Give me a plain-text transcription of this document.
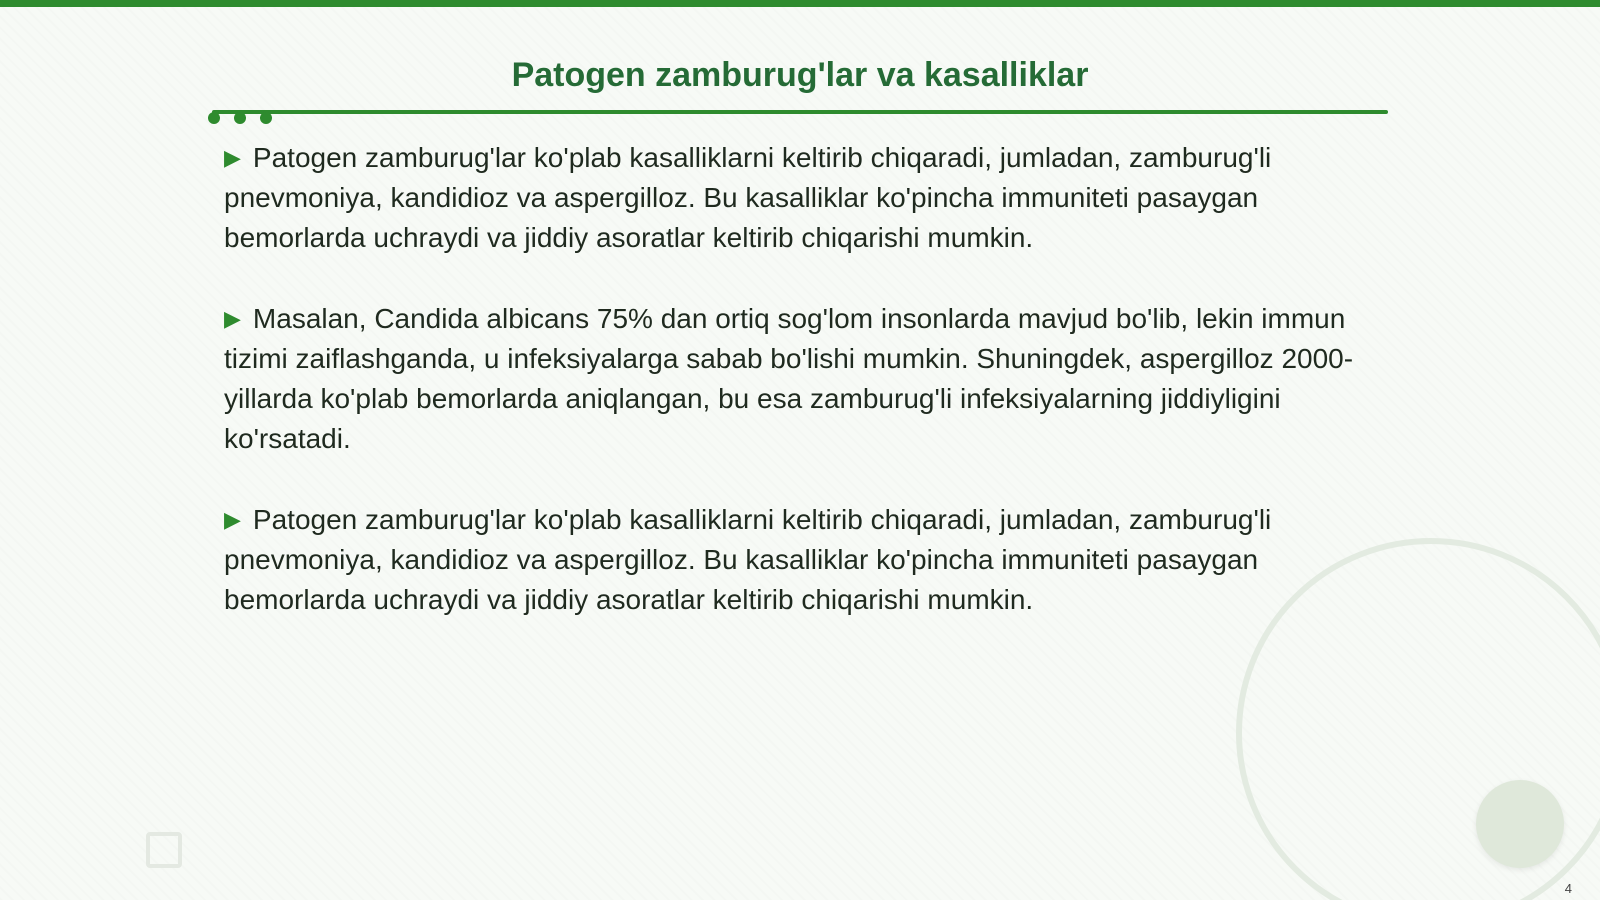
Patogen zamburug'lar va kasalliklar

▶ Patogen zamburug'lar ko'plab kasalliklarni keltirib chiqaradi, jumladan, zamburug'li pnevmoniya, kandidioz va aspergilloz. Bu kasalliklar ko'pincha immuniteti pasaygan bemorlarda uchraydi va jiddiy asoratlar keltirib chiqarishi mumkin.

▶ Masalan, Candida albicans 75% dan ortiq sog'lom insonlarda mavjud bo'lib, lekin immun tizimi zaiflashganda, u infeksiyalarga sabab bo'lishi mumkin. Shuningdek, aspergilloz 2000-yillarda ko'plab bemorlarda aniqlangan, bu esa zamburug'li infeksiyalarning jiddiyligini ko'rsatadi.

▶ Patogen zamburug'lar ko'plab kasalliklarni keltirib chiqaradi, jumladan, zamburug'li pnevmoniya, kandidioz va aspergilloz. Bu kasalliklar ko'pincha immuniteti pasaygan bemorlarda uchraydi va jiddiy asoratlar keltirib chiqarishi mumkin.

4
